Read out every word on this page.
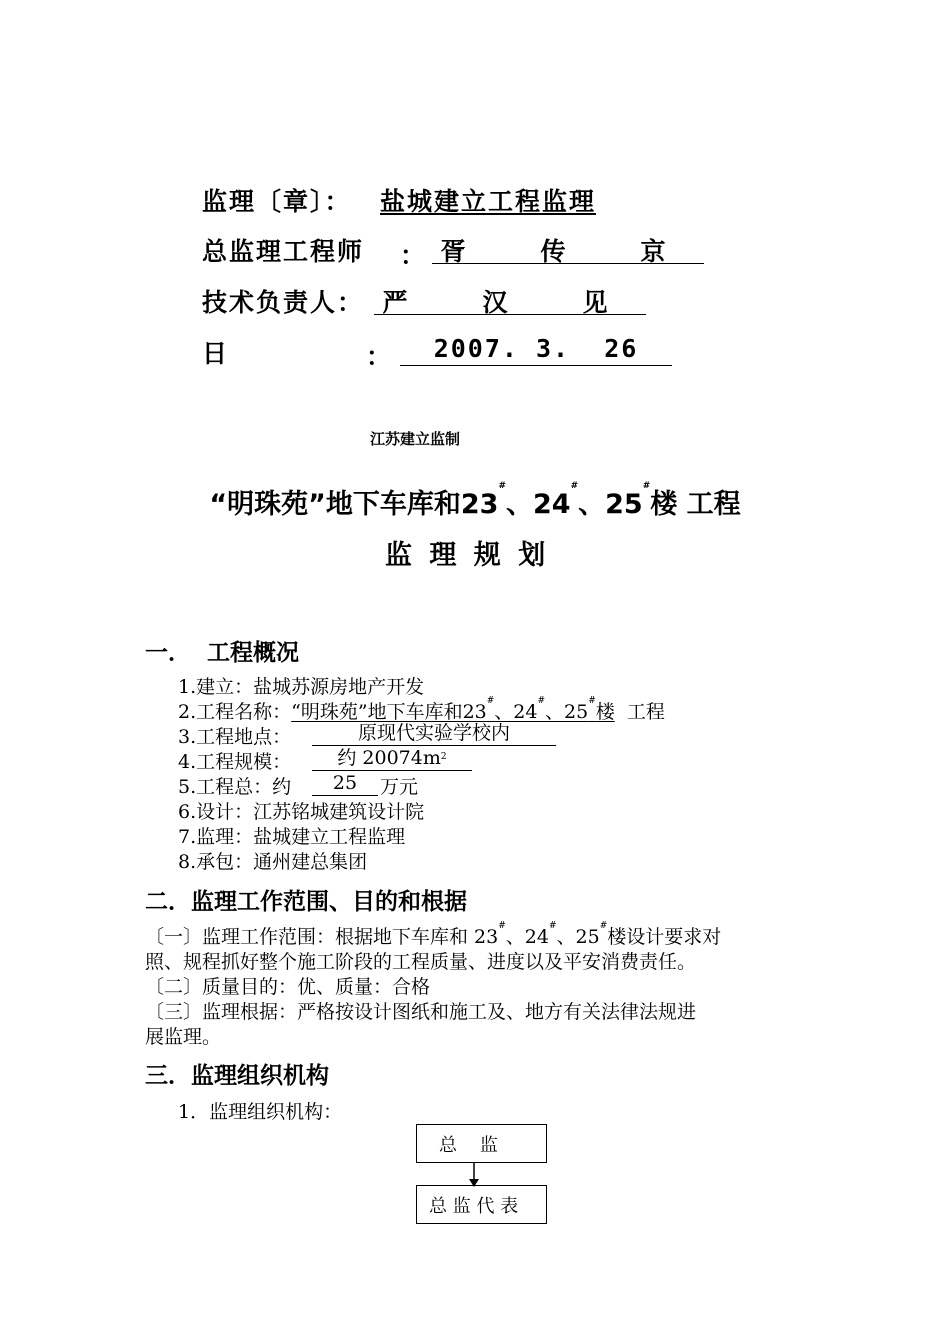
监理〔章〕： 盐城建立工程监理
总监理工程师 ： 胥 传 京
技术负责人： 严 汉 见
日	：	2007. 3.  26
江苏建立监制
“明珠苑”地下车库和23#、24#、25#楼 工程
监 理 规 划
一．  工程概况
1.建立：盐城苏源房地产开发
2.工程名称：“明珠苑”地下车库和23#、24#、25#楼 工程
3.工程地点：	原现代实验学校内
4.工程规模：	约 $20074m^2$
5.工程总：约	25	万元
6.设计：江苏铭城建筑设计院
7.监理：盐城建立工程监理
8.承包：通州建总集团
二．监理工作范围、目的和根据
〔一〕监理工作范围：根据地下车库和 23#、24#、25#楼设计要求对
照、规程抓好整个施工阶段的工程质量、进度以及平安消费责任。
〔二〕质量目的：优、质量：合格
〔三〕监理根据：严格按设计图纸和施工及、地方有关法律法规进
展监理。
三．监理组织机构
1．监理组织机构：
总    监
总 监 代 表
